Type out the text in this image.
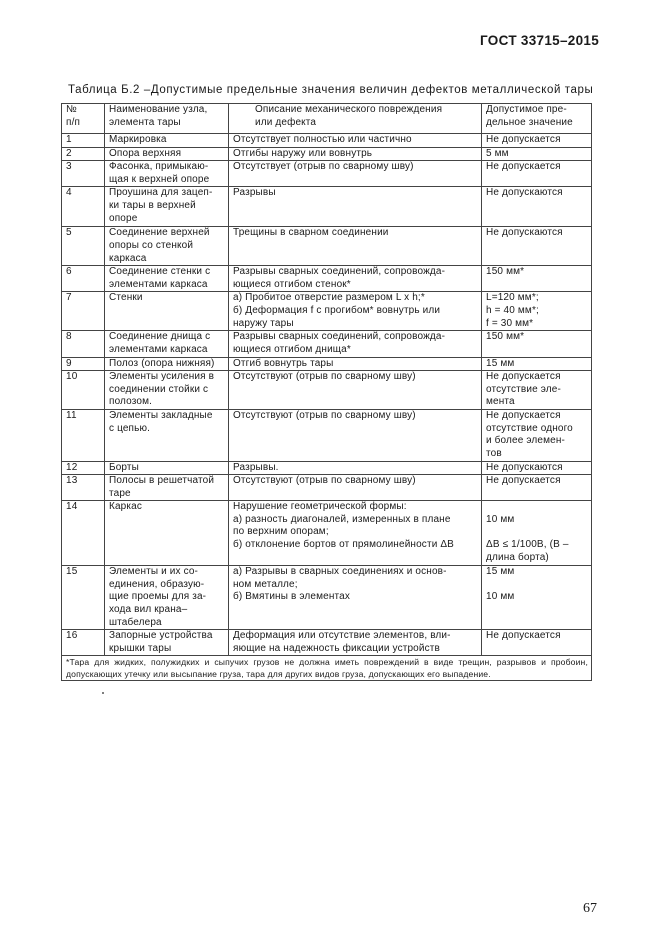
ГОСТ 33715–2015
Таблица Б.2 –Допустимые предельные значения величин дефектов металлической тары
№
п/п	Наименование узла,
элемента тары	Описание механического повреждения
или дефекта	Допустимое пре-
дельное значение

1	Маркировка	Отсутствует полностью или частично	Не допускается

2	Опора верхняя	Отгибы наружу или вовнутрь	5 мм

3	Фасонка, примыкаю-
щая к верхней опоре	Отсутствует (отрыв по сварному шву)	Не допускается

4	Проушина для зацеп-
ки тары в верхней
опоре	Разрывы	Не допускаются

5	Соединение верхней
опоры со стенкой
каркаса	Трещины в сварном соединении	Не допускаются

6	Соединение стенки с
элементами каркаса	Разрывы сварных соединений, сопровожда-
ющиеся отгибом стенок*	150 мм*

7	Стенки	а) Пробитое отверстие размером L x h;*
б) Деформация f с прогибом* вовнутрь или
наружу тары	L=120 мм*;
h = 40 мм*;
f = 30 мм*

8	Соединение днища с
элементами каркаса	Разрывы сварных соединений, сопровожда-
ющиеся отгибом днища*	150 мм*

9	Полоз (опора нижняя)	Отгиб вовнутрь тары	15 мм

10	Элементы усиления в
соединении стойки с
полозом.	Отсутствуют (отрыв по сварному шву)	Не допускается
отсутствие эле-
мента

11	Элементы закладные
с цепью.	Отсутствуют (отрыв по сварному шву)	Не допускается
отсутствие одного
и более элемен-
тов

12	Борты	Разрывы.	Не допускаются

13	Полосы в решетчатой
таре	Отсутствуют (отрыв по сварному шву)	Не допускается

14	Каркас	Нарушение геометрической формы:
а) разность диагоналей, измеренных в плане
по верхним опорам;
б) отклонение бортов от прямолинейности ΔB	10 мм
ΔB ≤ 1/100B, (B –
длина борта)

15	Элементы и их со-
единения, образую-
щие проемы для за-
хода вил крана–
штабелера	а) Разрывы в сварных соединениях и основ-
ном металле;
б) Вмятины в элементах	15 мм
10 мм

16	Запорные устройства
крышки тары	Деформация или отсутствие элементов, вли-
яющие на надежность фиксации устройств	Не допускается

*Тара для жидких, полужидких и сыпучих грузов не должна иметь повреждений в виде трещин, разрывов и пробоин, допускающих утечку или высыпание груза, тара для других видов груза, допускающих его выпадение.			
67
